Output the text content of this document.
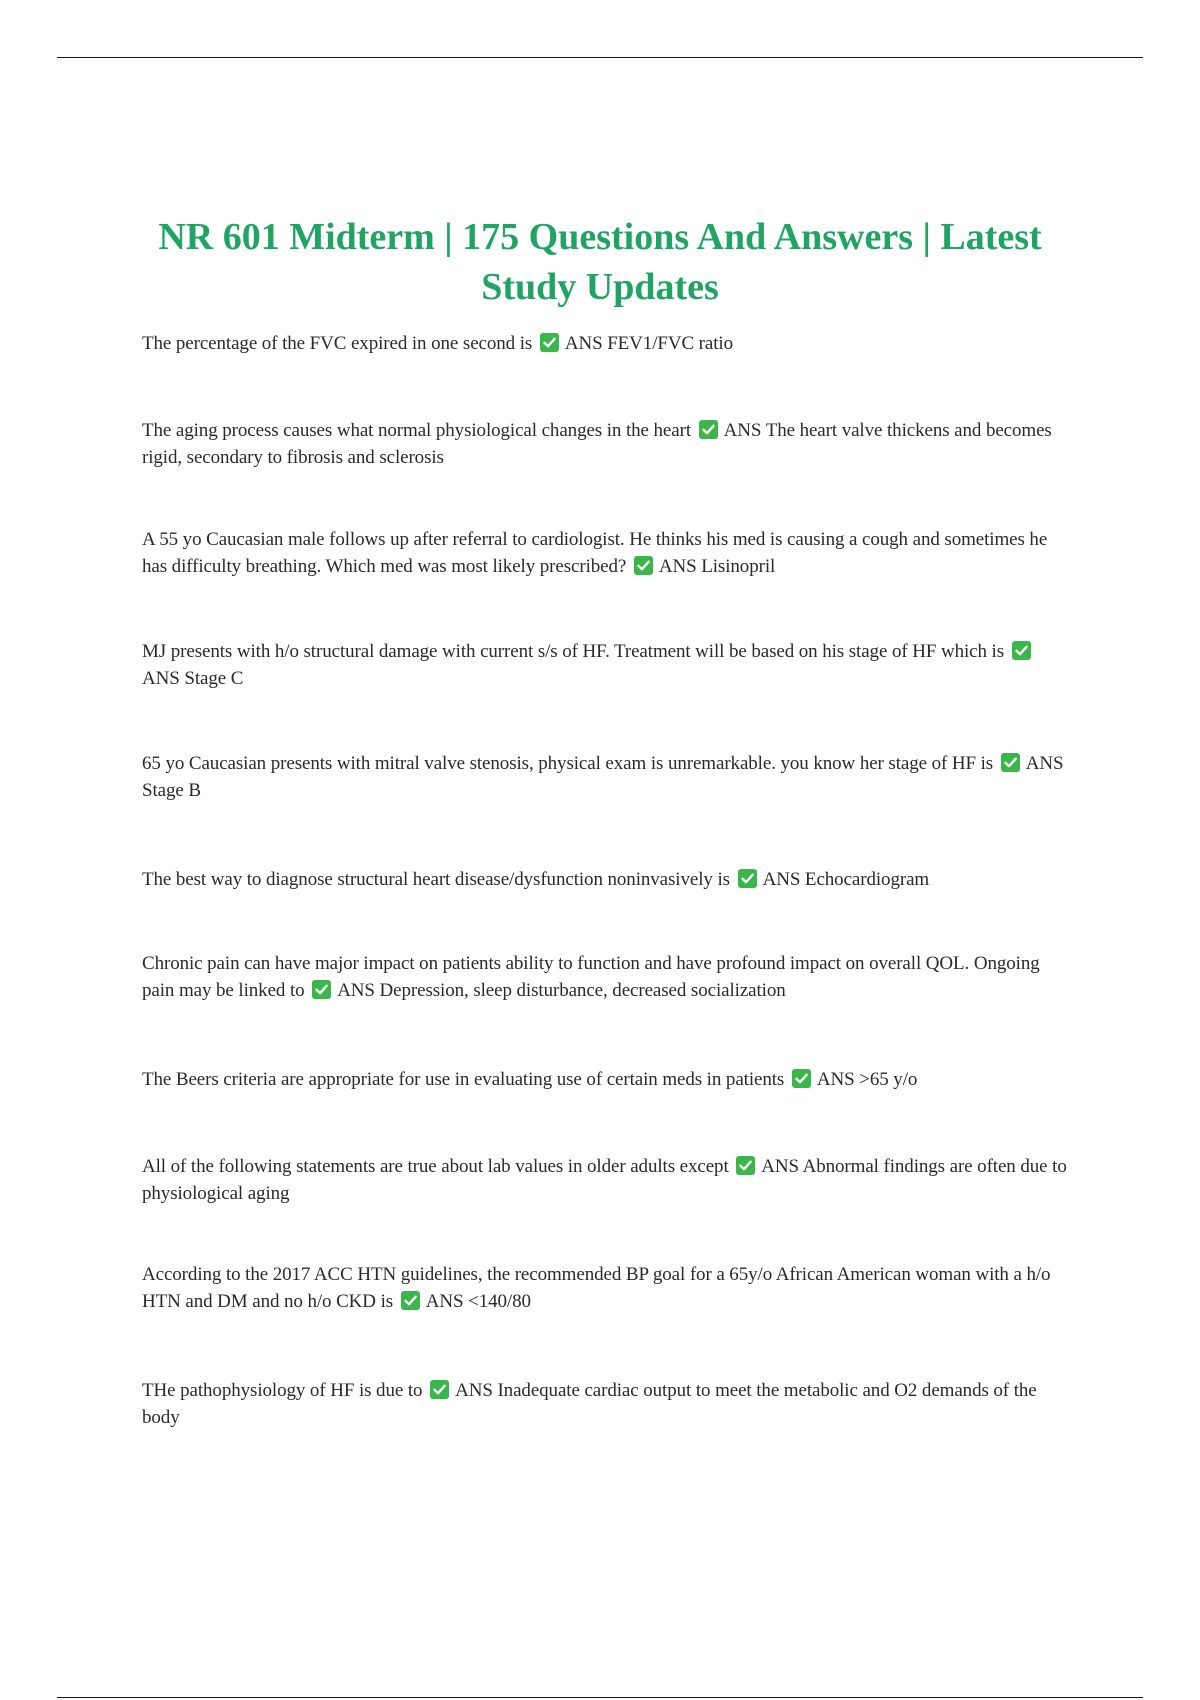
NR 601 Midterm | 175 Questions And Answers | Latest Study Updates

The percentage of the FVC expired in one second is ANS FEV1/FVC ratio

The aging process causes what normal physiological changes in the heart ANS The heart valve thickens and becomes rigid, secondary to fibrosis and sclerosis

A 55 yo Caucasian male follows up after referral to cardiologist. He thinks his med is causing a cough and sometimes he has difficulty breathing. Which med was most likely prescribed? ANS Lisinopril

MJ presents with h/o structural damage with current s/s of HF. Treatment will be based on his stage of HF which is
ANS Stage C

65 yo Caucasian presents with mitral valve stenosis, physical exam is unremarkable. you know her stage of HF is ANS Stage B

The best way to diagnose structural heart disease/dysfunction noninvasively is ANS Echocardiogram

Chronic pain can have major impact on patients ability to function and have profound impact on overall QOL. Ongoing pain may be linked to ANS Depression, sleep disturbance, decreased socialization

The Beers criteria are appropriate for use in evaluating use of certain meds in patients ANS >65 y/o

All of the following statements are true about lab values in older adults except ANS Abnormal findings are often due to physiological aging

According to the 2017 ACC HTN guidelines, the recommended BP goal for a 65y/o African American woman with a h/o HTN and DM and no h/o CKD is ANS <140/80

THe pathophysiology of HF is due to ANS Inadequate cardiac output to meet the metabolic and O2 demands of the body
